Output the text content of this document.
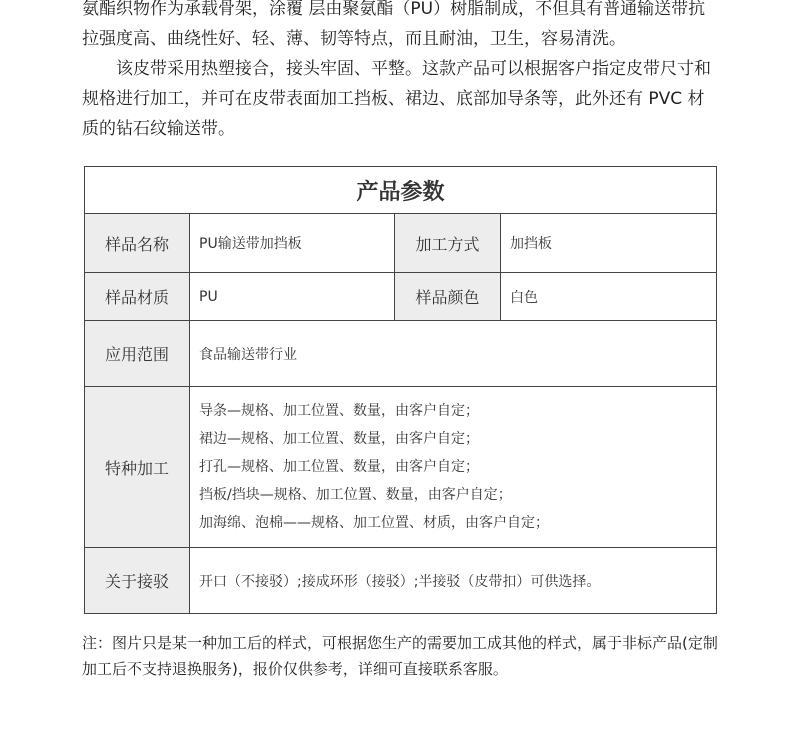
氨酯织物作为承载骨架，涂覆 层由聚氨酯（PU）树脂制成，不但具有普通输送带抗拉强度高、曲绕性好、轻、薄、韧等特点，而且耐油，卫生，容易清洗。

该皮带采用热塑接合，接头牢固、平整。这款产品可以根据客户指定皮带尺寸和规格进行加工，并可在皮带表面加工挡板、裙边、底部加导条等，此外还有 PVC 材质的钻石纹输送带。

产品参数			
样品名称	PU输送带加挡板	加工方式	加挡板
样品材质	PU	样品颜色	白色
应用范围	食品输送带行业		
特种加工	导条—规格、加工位置、数量，由客户自定；
裙边—规格、加工位置、数量，由客户自定；
打孔—规格、加工位置、数量，由客户自定；
挡板/挡块—规格、加工位置、数量，由客户自定；
加海绵、泡棉——规格、加工位置、材质，由客户自定；		

关于接驳	开口（不接驳）;接成环形（接驳）;半接驳（皮带扣）可供选择。		
注：图片只是某一种加工后的样式，可根据您生产的需要加工成其他的样式，属于非标产品(定制加工后不支持退换服务)，报价仅供参考，详细可直接联系客服。
